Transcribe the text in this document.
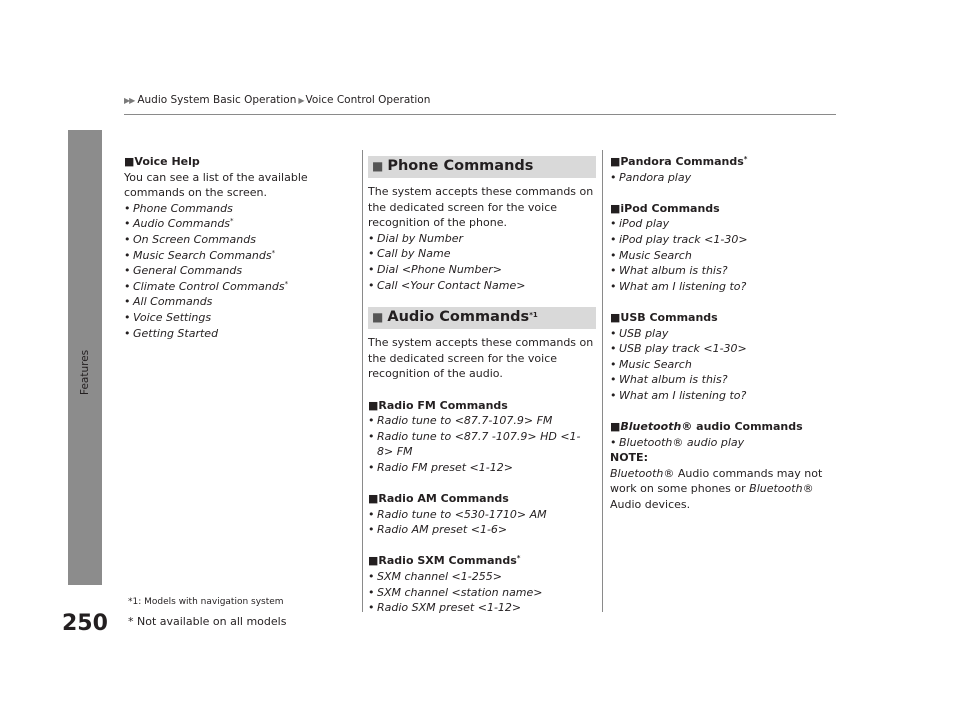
▶▶ Audio System Basic Operation ▶ Voice Control Operation
Features

■Voice Help

You can see a list of the available commands on the screen.

• Phone Commands
• Audio Commands*
• On Screen Commands
• Music Search Commands*
• General Commands
• Climate Control Commands*
• All Commands
• Voice Settings
• Getting Started
■ Phone Commands

The system accepts these commands on the dedicated screen for the voice recognition of the phone.

• Dial by Number
• Call by Name
• Dial <Phone Number>
• Call <Your Contact Name>
■ Audio Commands$^{*1}$

The system accepts these commands on the dedicated screen for the voice recognition of the audio.

■Radio FM Commands

• Radio tune to <87.7-107.9> FM
• Radio tune to <87.7 -107.9> HD <1-8> FM
• Radio FM preset <1-12>

■Radio AM Commands

• Radio tune to <530-1710> AM
• Radio AM preset <1-6>

■Radio SXM Commands*

• SXM channel <1-255>
• SXM channel <station name>
• Radio SXM preset <1-12>

■Pandora Commands*

• Pandora play

■iPod Commands

• iPod play
• iPod play track <1-30>
• Music Search
• What album is this?
• What am I listening to?

■USB Commands

• USB play
• USB play track <1-30>
• Music Search
• What album is this?
• What am I listening to?

■Bluetooth® audio Commands

• Bluetooth® audio play

NOTE:

Bluetooth® Audio commands may not work on some phones or Bluetooth® Audio devices.

*1: Models with navigation system
250 * Not available on all models
